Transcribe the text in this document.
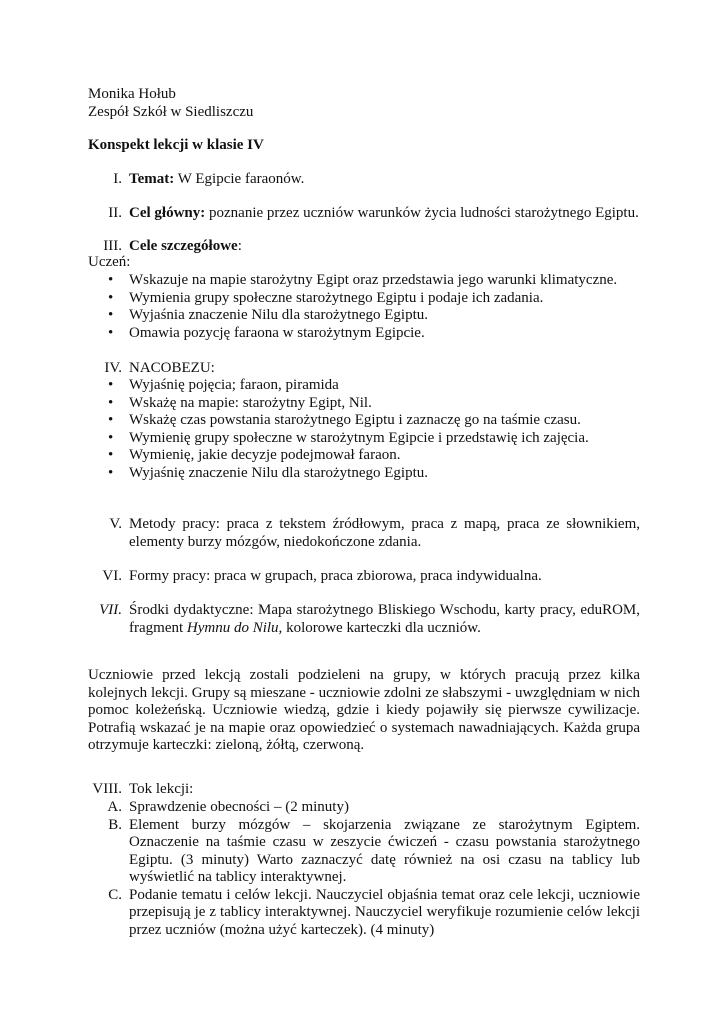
Monika Hołub
Zespół Szkół w Siedliszczu
Konspekt lekcji w klasie IV
I. Temat: W Egipcie faraonów.
II. Cel główny: poznanie przez uczniów warunków życia ludności starożytnego Egiptu.
III. Cele szczegółowe:
Uczeń:
• Wskazuje na mapie starożytny Egipt oraz przedstawia jego warunki klimatyczne.
• Wymienia grupy społeczne starożytnego Egiptu i podaje ich zadania.
• Wyjaśnia znaczenie Nilu dla starożytnego Egiptu.
• Omawia pozycję faraona w starożytnym Egipcie.
IV. NACOBEZU:
• Wyjaśnię pojęcia; faraon, piramida
• Wskażę na mapie: starożytny Egipt, Nil.
• Wskażę czas powstania starożytnego Egiptu i zaznaczę go na taśmie czasu.
• Wymienię grupy społeczne w starożytnym Egipcie i przedstawię ich zajęcia.
• Wymienię, jakie decyzje podejmował faraon.
• Wyjaśnię znaczenie Nilu dla starożytnego Egiptu.
V. Metody pracy: praca z tekstem źródłowym, praca z mapą, praca ze słownikiem, elementy burzy mózgów, niedokończone zdania.
VI. Formy pracy: praca w grupach, praca zbiorowa, praca indywidualna.
VII. Środki dydaktyczne: Mapa starożytnego Bliskiego Wschodu, karty pracy, eduROM, fragment Hymnu do Nilu, kolorowe karteczki dla uczniów.
Uczniowie przed lekcją zostali podzieleni na grupy, w których pracują przez kilka kolejnych lekcji. Grupy są mieszane - uczniowie zdolni ze słabszymi - uwzględniam w nich pomoc koleżeńską. Uczniowie wiedzą, gdzie i kiedy pojawiły się pierwsze cywilizacje. Potrafią wskazać je na mapie oraz opowiedzieć o systemach nawadniających. Każda grupa otrzymuje karteczki: zieloną, żółtą, czerwoną.
VIII. Tok lekcji:
A. Sprawdzenie obecności – (2 minuty)
B. Element burzy mózgów – skojarzenia związane ze starożytnym Egiptem. Oznaczenie na taśmie czasu w zeszycie ćwiczeń - czasu powstania starożytnego Egiptu. (3 minuty) Warto zaznaczyć datę również na osi czasu na tablicy lub wyświetlić na tablicy interaktywnej.
C. Podanie tematu i celów lekcji. Nauczyciel objaśnia temat oraz cele lekcji, uczniowie przepisują je z tablicy interaktywnej. Nauczyciel weryfikuje rozumienie celów lekcji przez uczniów (można użyć karteczek). (4 minuty)
